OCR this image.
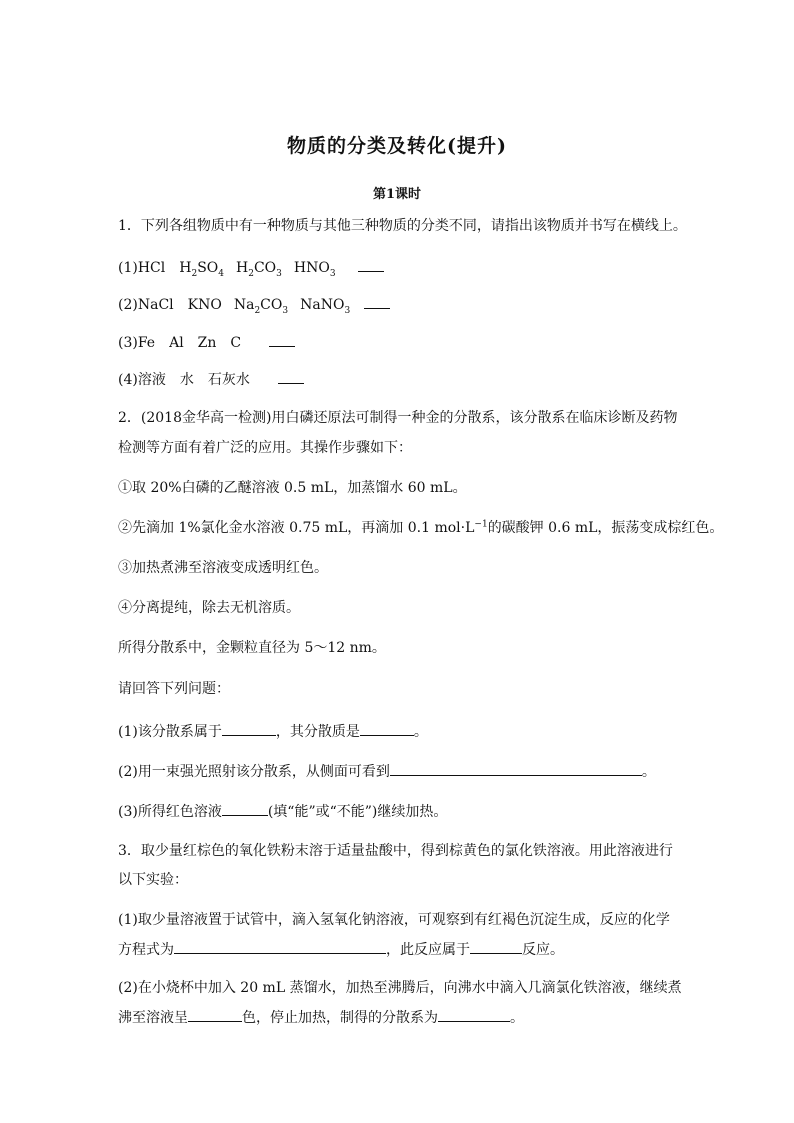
物质的分类及转化(提升)
第1课时
1．下列各组物质中有一种物质与其他三种物质的分类不同，请指出该物质并书写在横线上。
(1)HCl $H_2SO_4$ $H_2CO_3$ $HNO_3$
(2)NaCl KNO $Na_2CO_3$ NaNO$_3$
(3)Fe Al Zn C
(4)溶液 水 石灰水
2．(2018金华高一检测)用白磷还原法可制得一种金的分散系，该分散系在临床诊断及药物
检测等方面有着广泛的应用。其操作步骤如下：
①取 20%白磷的乙醚溶液 0.5 mL，加蒸馏水 60 mL。
②先滴加 1%氯化金水溶液 0.75 mL，再滴加 0.1 $mol\cdot L^{-1}$的碳酸钾 0.6 mL，振荡变成棕红色。
③加热煮沸至溶液变成透明红色。
④分离提纯，除去无机溶质。
所得分散系中，金颗粒直径为 5～12 nm。
请回答下列问题：
(1)该分散系属于	，其分散质是	。
(2)用一束强光照射该分散系，从侧面可看到	。
(3)所得红色溶液	(填“能”或“不能”)继续加热。
3．取少量红棕色的氧化铁粉末溶于适量盐酸中，得到棕黄色的氯化铁溶液。用此溶液进行
以下实验：
(1)取少量溶液置于试管中，滴入氢氧化钠溶液，可观察到有红褐色沉淀生成，反应的化学
方程式为	，此反应属于	反应。
(2)在小烧杯中加入 20 mL 蒸馏水，加热至沸腾后，向沸水中滴入几滴氯化铁溶液，继续煮
沸至溶液呈	色，停止加热，制得的分散系为	。
